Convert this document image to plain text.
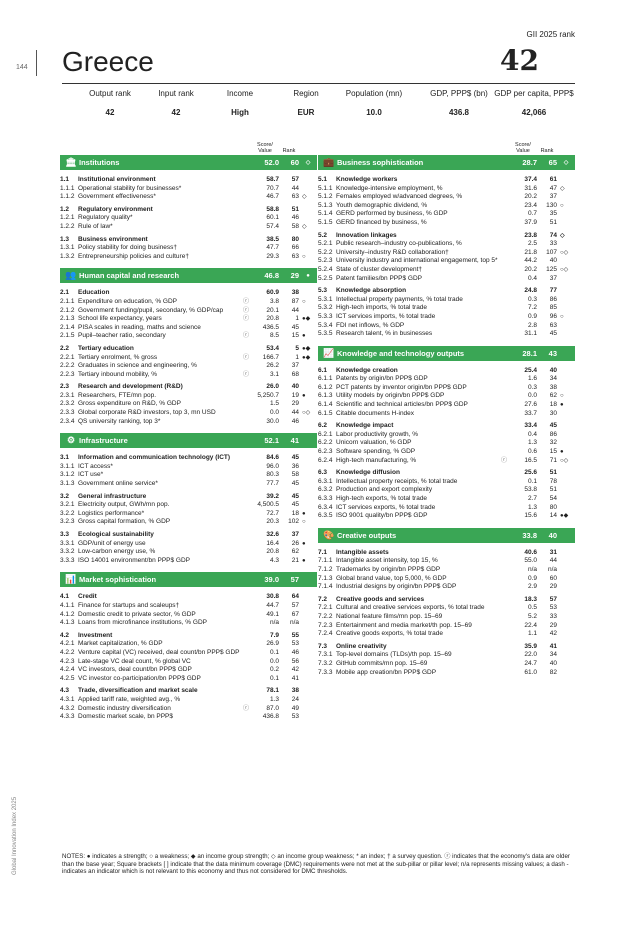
GII 2025 rank
144 Greece	42
Output rank
42
Input rank
42
Income
High
Region
EUR
Population (mn)
10.0
GDP, PPP$ (bn)
436.8
GDP per capita, PPP$
42,066
Score/
Value	Rank
🏛 Institutions	52.0	60	◇
1.1	Institutional environment	58.7	57
1.1.1 Operational stability for businesses*	70.7	44
1.1.2 Government effectiveness*	46.7	63 ◇
1.2	Regulatory environment	58.8	51
1.2.1 Regulatory quality*	60.1	46
1.2.2 Rule of law*	57.4	58 ◇
1.3	Business environment	38.5	80
1.3.1 Policy stability for doing business†	47.7	66
1.3.2 Entrepreneurship policies and culture†	29.3	63 ○
👥 Human capital and research	46.8	29	●
2.1	Education	60.9	38
2.1.1 Expenditure on education, % GDP	ⓡ	3.8	87 ○
2.1.2 Government funding/pupil, secondary, % GDP/cap	ⓡ	20.1	44
2.1.3 School life expectancy, years	ⓡ	20.8	1 ●◆
2.1.4 PISA scales in reading, maths and science	436.5	45
2.1.5 Pupil–teacher ratio, secondary	ⓡ	8.5	15 ●
2.2	Tertiary education	53.4	5 ●◆
2.2.1 Tertiary enrolment, % gross	ⓡ	166.7	1 ●◆
2.2.2 Graduates in science and engineering, %	26.2	37
2.2.3 Tertiary inbound mobility, %	ⓡ	3.1	68
2.3	Research and development (R&D)	26.0	40
2.3.1 Researchers, FTE/mn pop.	5,250.7	19 ●
2.3.2 Gross expenditure on R&D, % GDP	1.5	29
2.3.3 Global corporate R&D investors, top 3, mn USD	0.0	44 ○◇
2.3.4 QS university ranking, top 3*	30.0	46
⚙ Infrastructure	52.1	41
3.1	Information and communication technology (ICT)	84.6	45
3.1.1 ICT access*	96.0	36
3.1.2 ICT use*	80.3	58
3.1.3 Government online service*	77.7	45
3.2	General infrastructure	39.2	45
3.2.1 Electricity output, GWh/mn pop.	4,500.5	45
3.2.2 Logistics performance*	72.7	18 ●
3.2.3 Gross capital formation, % GDP	20.3	102 ○
3.3	Ecological sustainability	32.6	37
3.3.1 GDP/unit of energy use	16.4	26 ●
3.3.2 Low-carbon energy use, %	20.8	62
3.3.3 ISO 14001 environment/bn PPP$ GDP	4.3	21 ●
📊 Market sophistication	39.0	57
4.1	Credit	30.8	64
4.1.1 Finance for startups and scaleups†	44.7	57
4.1.2 Domestic credit to private sector, % GDP	49.1	67
4.1.3 Loans from microfinance institutions, % GDP	n/a	n/a
4.2	Investment	7.9	55
4.2.1 Market capitalization, % GDP	26.9	53
4.2.2 Venture capital (VC) received, deal count/bn PPP$ GDP	0.1	46
4.2.3 Late-stage VC deal count, % global VC	0.0	56
4.2.4 VC investors, deal count/bn PPP$ GDP	0.2	42
4.2.5 VC investor co-participation/bn PPP$ GDP	0.1	41
4.3	Trade, diversification and market scale	78.1	38
4.3.1 Applied tariff rate, weighted avg., %	1.3	24
4.3.2 Domestic industry diversification	ⓡ	87.0	49
4.3.3 Domestic market scale, bn PPP$	436.8	53
Score/
Value	Rank
💼 Business sophistication	28.7	65	◇
5.1	Knowledge workers	37.4	61
5.1.1 Knowledge-intensive employment, %	31.6	47 ◇
5.1.2 Females employed w/advanced degrees, %	20.2	37
5.1.3 Youth demographic dividend, %	23.4	130 ○
5.1.4 GERD performed by business, % GDP	0.7	35
5.1.5 GERD financed by business, %	37.9	51
5.2	Innovation linkages	23.8	74 ◇
5.2.1 Public research–industry co-publications, %	2.5	33
5.2.2 University–industry R&D collaboration†	21.8	107 ○◇
5.2.3 University industry and international engagement, top 5*	44.2	40
5.2.4 State of cluster development†	20.2	125 ○◇
5.2.5 Patent families/bn PPP$ GDP	0.4	37
5.3	Knowledge absorption	24.8	77
5.3.1 Intellectual property payments, % total trade	0.3	86
5.3.2 High-tech imports, % total trade	7.2	85
5.3.3 ICT services imports, % total trade	0.9	96 ○
5.3.4 FDI net inflows, % GDP	2.8	63
5.3.5 Research talent, % in businesses	31.1	45
📈 Knowledge and technology outputs	28.1	43
6.1	Knowledge creation	25.4	40
6.1.1 Patents by origin/bn PPP$ GDP	1.6	34
6.1.2 PCT patents by inventor origin/bn PPP$ GDP	0.3	38
6.1.3 Utility models by origin/bn PPP$ GDP	0.0	62 ○
6.1.4 Scientific and technical articles/bn PPP$ GDP	27.6	18 ●
6.1.5 Citable documents H-index	33.7	30
6.2	Knowledge impact	33.4	45
6.2.1 Labor productivity growth, %	0.4	86
6.2.2 Unicorn valuation, % GDP	1.3	32
6.2.3 Software spending, % GDP	0.6	15 ●
6.2.4 High-tech manufacturing, %	ⓡ	16.5	71 ○◇
6.3	Knowledge diffusion	25.6	51
6.3.1 Intellectual property receipts, % total trade	0.1	78
6.3.2 Production and export complexity	53.8	51
6.3.3 High-tech exports, % total trade	2.7	54
6.3.4 ICT services exports, % total trade	1.3	80
6.3.5 ISO 9001 quality/bn PPP$ GDP	15.6	14 ●◆
🎨 Creative outputs	33.8	40
7.1	Intangible assets	40.6	31
7.1.1 Intangible asset intensity, top 15, %	55.0	44
7.1.2 Trademarks by origin/bn PPP$ GDP	n/a	n/a
7.1.3 Global brand value, top 5,000, % GDP	0.9	60
7.1.4 Industrial designs by origin/bn PPP$ GDP	2.9	29
7.2	Creative goods and services	18.3	57
7.2.1 Cultural and creative services exports, % total trade	0.5	53
7.2.2 National feature films/mn pop. 15–69	5.2	33
7.2.3 Entertainment and media market/th pop. 15–69	22.4	29
7.2.4 Creative goods exports, % total trade	1.1	42
7.3	Online creativity	35.9	41
7.3.1 Top-level domains (TLDs)/th pop. 15–69	22.0	34
7.3.2 GitHub commits/mn pop. 15–69	24.7	40
7.3.3 Mobile app creation/bn PPP$ GDP	61.0	82
Global Innovation Index 2025	NOTES: ● indicates a strength; ○ a weakness; ◆ an income group strength; ◇ an income group weakness; * an index; † a survey question. ⓡ indicates that the economy's data are older than the base year; Square brackets [ ] indicate that the data minimum coverage (DMC) requirements were not met at the sub-pillar or pillar level; n/a represents missing values; a dash - indicates an indicator which is not relevant to this economy and thus not considered for DMC thresholds.
